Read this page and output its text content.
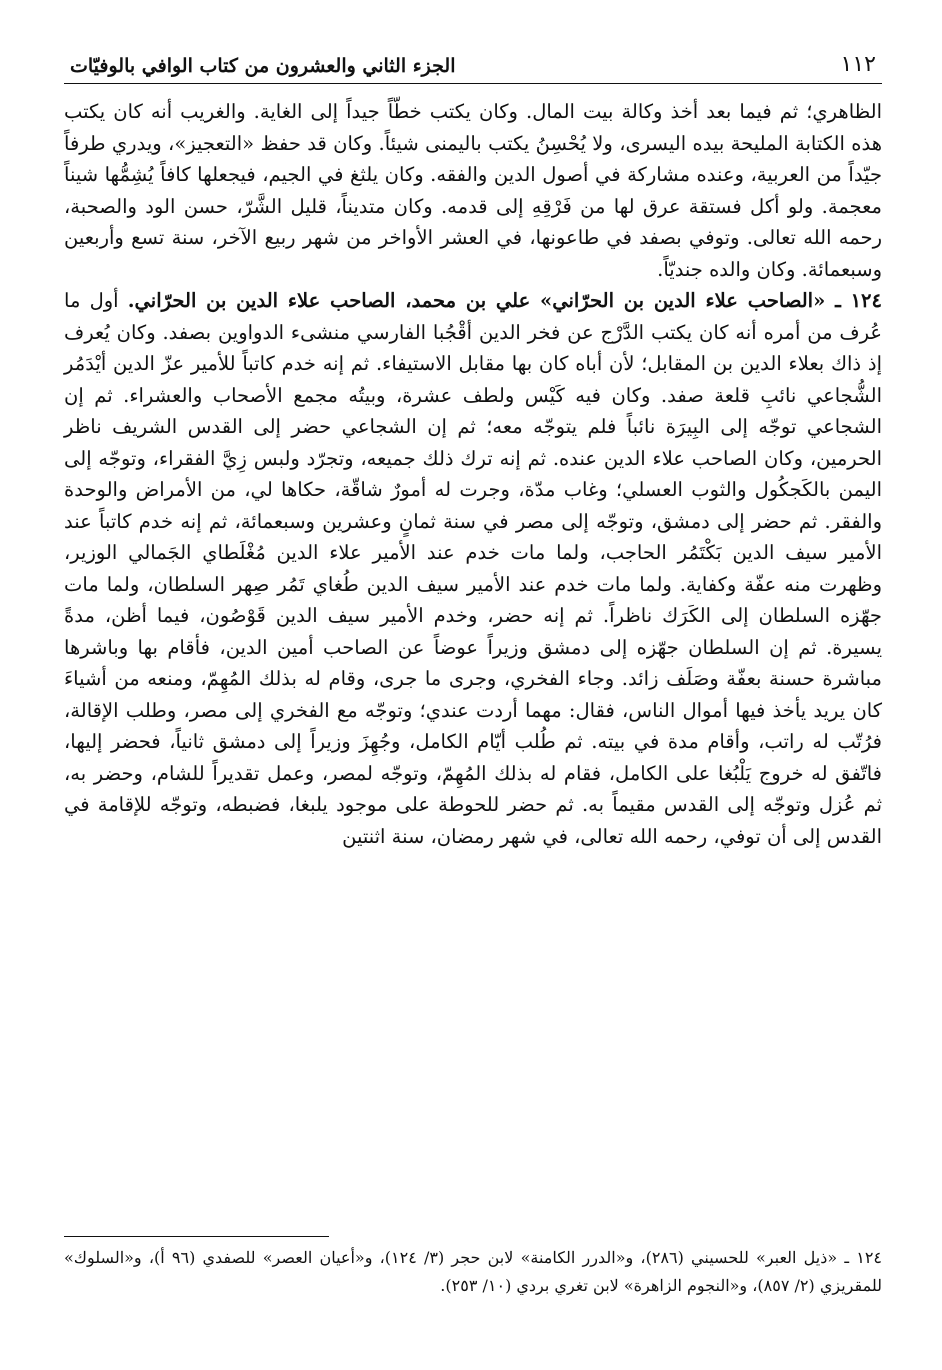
١١٢
الجزء الثاني والعشرون من كتاب الوافي بالوفيّات

الظاهري؛ ثم فيما بعد أخذ وكالة بيت المال. وكان يكتب خطّاً جيداً إلى الغاية. والغريب أنه كان يكتب هذه الكتابة المليحة بيده اليسرى، ولا يُحْسِنُ يكتب باليمنى شيئاً. وكان قد حفظ «التعجيز»، ويدري طرفاً جيّداً من العربية، وعنده مشاركة في أصول الدين والفقه. وكان يلثغ في الجيم، فيجعلها كافاً يُشِمُّها شيناً معجمة. ولو أكل فستقة عرق لها من فَرْقِهِ إلى قدمه. وكان متديناً، قليل الشَّرّ، حسن الود والصحبة، رحمه الله تعالى. وتوفي بصفد في طاعونها، في العشر الأواخر من شهر ربيع الآخر، سنة تسع وأربعين وسبعمائة. وكان والده جنديّاً.

١٢٤ ـ «الصاحب علاء الدين بن الحرّاني» علي بن محمد، الصاحب علاء الدين بن الحرّاني. أول ما عُرف من أمره أنه كان يكتب الدَّرْج عن فخر الدين أقْجُبا الفارسي منشىء الدواوين بصفد. وكان يُعرف إذ ذاك بعلاء الدين بن المقابل؛ لأن أباه كان بها مقابل الاستيفاء. ثم إنه خدم كاتباً للأمير عزّ الدين أيْدَمُر الشُّجاعي نائبِ قلعة صفد. وكان فيه كَيْس ولطف عشرة، وبيتُه مجمع الأصحاب والعشراء. ثم إن الشجاعي توجّه إلى البِيرَة نائباً فلم يتوجّه معه؛ ثم إن الشجاعي حضر إلى القدس الشريف ناظر الحرمين، وكان الصاحب علاء الدين عنده. ثم إنه ترك ذلك جميعه، وتجرّد ولبس زِيَّ الفقراء، وتوجّه إلى اليمن بالكَجكُول والثوب العسلي؛ وغاب مدّة، وجرت له أمورٌ شاقّة، حكاها لي، من الأمراض والوحدة والفقر. ثم حضر إلى دمشق، وتوجّه إلى مصر في سنة ثمانٍ وعشرين وسبعمائة، ثم إنه خدم كاتباً عند الأمير سيف الدين بَكْتَمُر الحاجب، ولما مات خدم عند الأمير علاء الدين مُغْلَطاي الجَمالي الوزير، وظهرت منه عفّة وكفاية. ولما مات خدم عند الأمير سيف الدين طُغاي تَمُر صِهر السلطان، ولما مات جهّزه السلطان إلى الكَرَك ناظراً. ثم إنه حضر، وخدم الأمير سيف الدين قَوْصُون، فيما أظن، مدةً يسيرة. ثم إن السلطان جهّزه إلى دمشق وزيراً عوضاً عن الصاحب أمين الدين، فأقام بها وباشرها مباشرة حسنة بعفّة وصَلَف زائد. وجاء الفخري، وجرى ما جرى، وقام له بذلك المُهِمّ، ومنعه من أشياءَ كان يريد يأخذ فيها أموال الناس، فقال: مهما أردت عندي؛ وتوجّه مع الفخري إلى مصر، وطلب الإقالة، فرُتّب له راتب، وأقام مدة في بيته. ثم طُلب أيّام الكامل، وجُهِزَ وزيراً إلى دمشق ثانياً، فحضر إليها، فاتّفق له خروج يَلْبُغا على الكامل، فقام له بذلك المُهِمّ، وتوجّه لمصر، وعمل تقديراً للشام، وحضر به، ثم عُزل وتوجّه إلى القدس مقيماً به. ثم حضر للحوطة على موجود يلبغا، فضبطه، وتوجّه للإقامة في القدس إلى أن توفي، رحمه الله تعالى، في شهر رمضان، سنة اثنتين

١٢٤ ـ «ذيل العبر» للحسيني (٢٨٦)، و«الدرر الكامنة» لابن حجر (٣/ ١٢٤)، و«أعيان العصر» للصفدي (٩٦ أ)، و«السلوك» للمقريزي (٢/ ٨٥٧)، و«النجوم الزاهرة» لابن تغري بردي (١٠/ ٢٥٣).
